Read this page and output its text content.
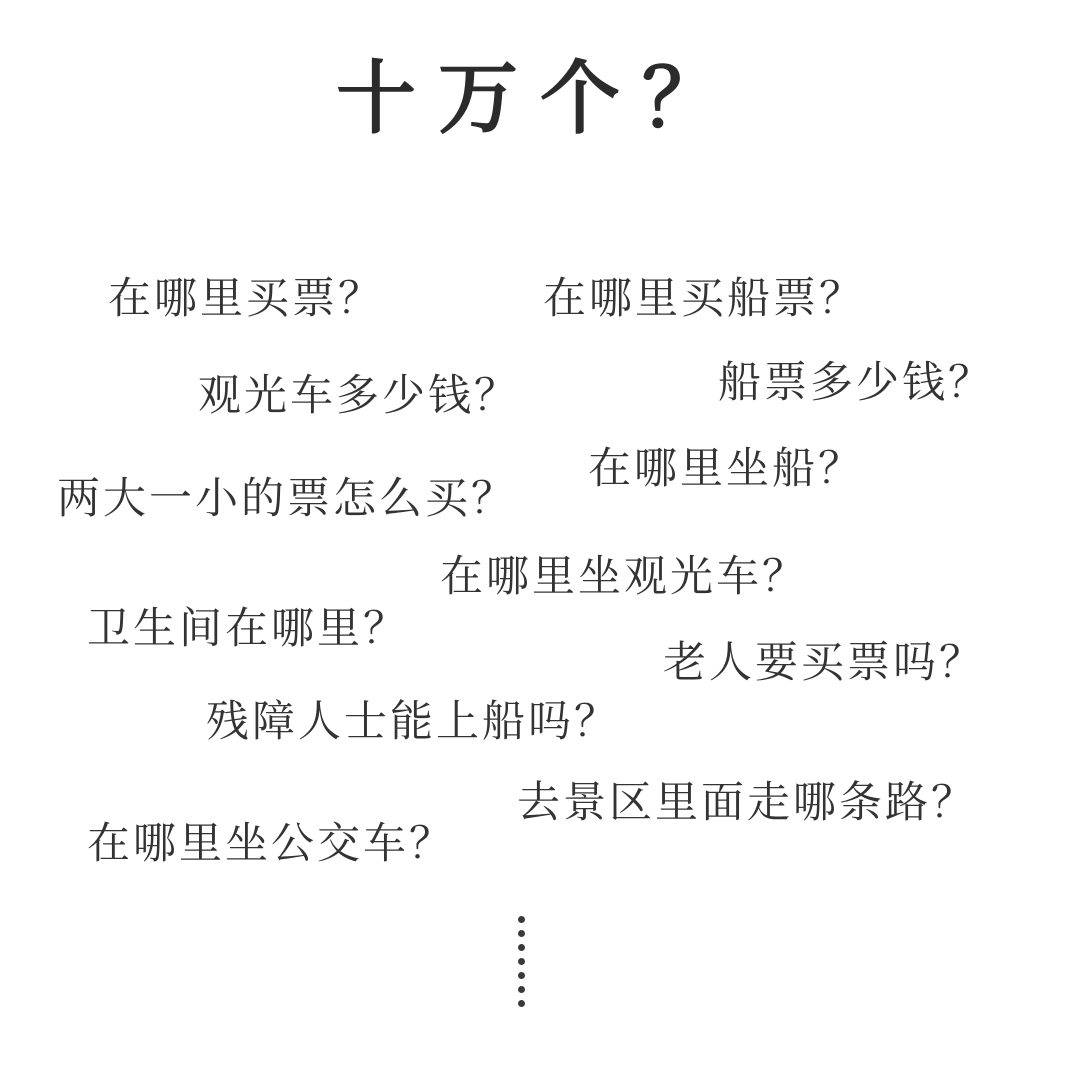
十万个？
在哪里买票？	在哪里买船票？
观光车多少钱？	船票多少钱？
在哪里坐船？
两大一小的票怎么买？
在哪里坐观光车？
卫生间在哪里？
老人要买票吗？
残障人士能上船吗？
去景区里面走哪条路？
在哪里坐公交车？
